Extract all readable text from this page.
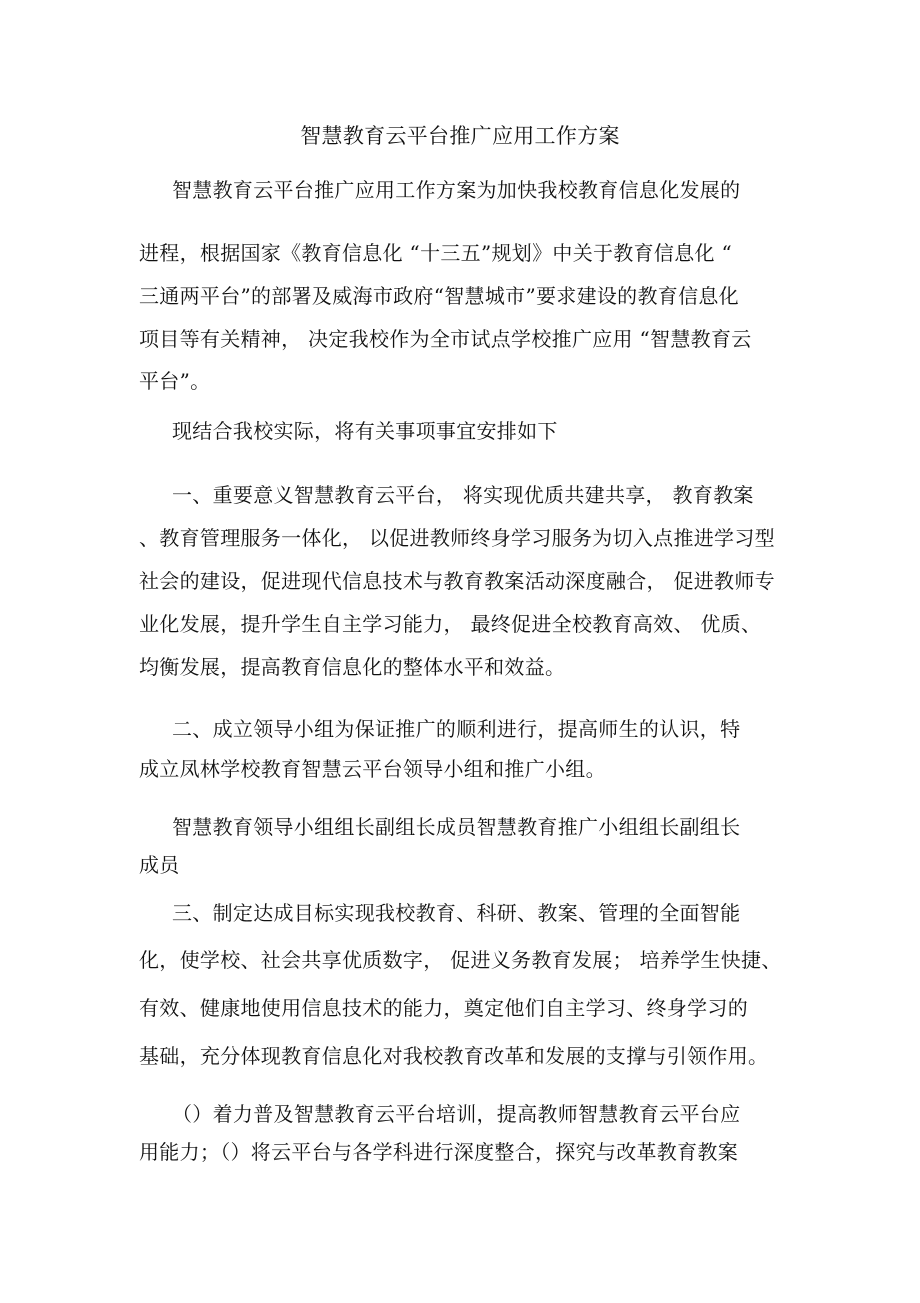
智慧教育云平台推广应用工作方案
智慧教育云平台推广应用工作方案为加快我校教育信息化发展的
进程，根据国家《教育信息化 “十三五”规划》中关于教育信息化 “
三通两平台”的部署及威海市政府“智慧城市”要求建设的教育信息化
项目等有关精神， 决定我校作为全市试点学校推广应用 “智慧教育云
平台”。
现结合我校实际，将有关事项事宜安排如下
一、重要意义智慧教育云平台， 将实现优质共建共享， 教育教案
、教育管理服务一体化， 以促进教师终身学习服务为切入点推进学习型
社会的建设，促进现代信息技术与教育教案活动深度融合， 促进教师专
业化发展，提升学生自主学习能力， 最终促进全校教育高效、 优质、
均衡发展，提高教育信息化的整体水平和效益。
二、成立领导小组为保证推广的顺利进行，提高师生的认识，特
成立凤林学校教育智慧云平台领导小组和推广小组。
智慧教育领导小组组长副组长成员智慧教育推广小组组长副组长
成员
三、制定达成目标实现我校教育、科研、教案、管理的全面智能
化，使学校、社会共享优质数字， 促进义务教育发展； 培养学生快捷、
有效、健康地使用信息技术的能力，奠定他们自主学习、终身学习的
基础，充分体现教育信息化对我校教育改革和发展的支撑与引领作用。
（）着力普及智慧教育云平台培训，提高教师智慧教育云平台应
用能力；（）将云平台与各学科进行深度整合，探究与改革教育教案
